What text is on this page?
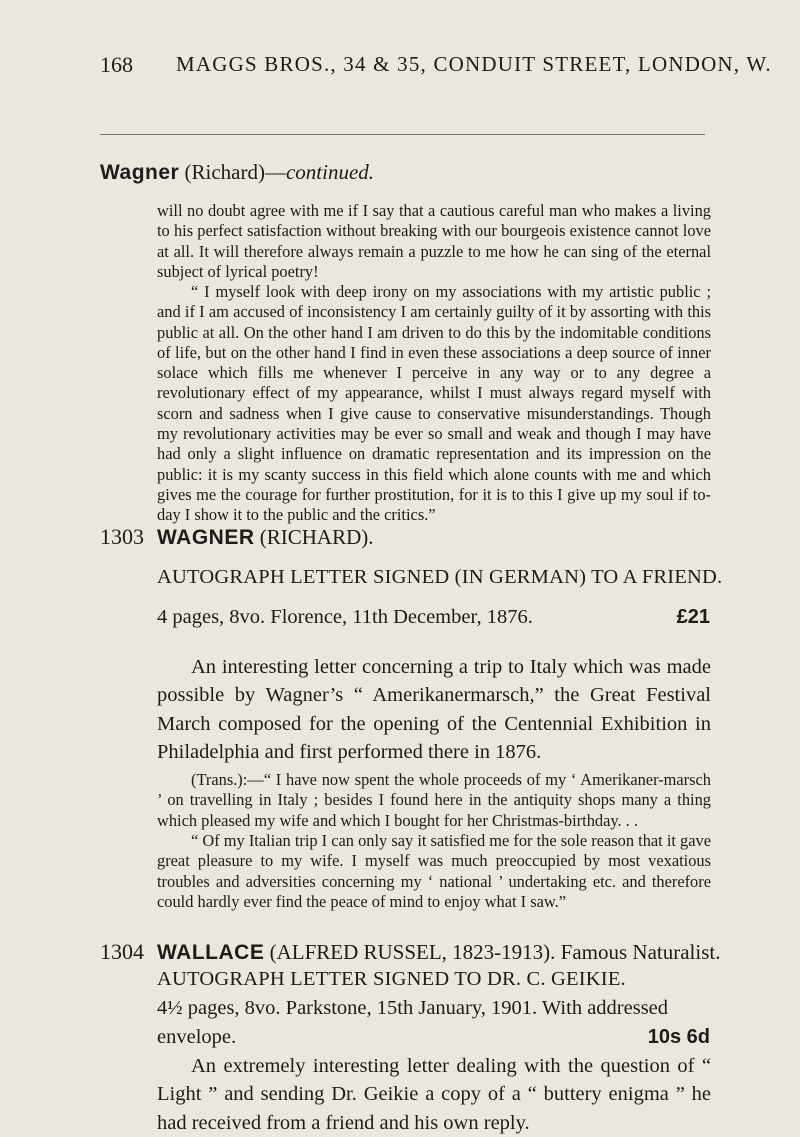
168 MAGGS BROS., 34 & 35, CONDUIT STREET, LONDON, W.
Wagner (Richard)—continued.

will no doubt agree with me if I say that a cautious careful man who makes a living to his perfect satisfaction without breaking with our bourgeois existence cannot love at all. It will therefore always remain a puzzle to me how he can sing of the eternal subject of lyrical poetry!

“ I myself look with deep irony on my associations with my artistic public ; and if I am accused of inconsistency I am certainly guilty of it by assorting with this public at all. On the other hand I am driven to do this by the indomitable conditions of life, but on the other hand I find in even these associations a deep source of inner solace which fills me whenever I perceive in any way or to any degree a revolutionary effect of my appearance, whilst I must always regard myself with scorn and sadness when I give cause to conservative misunderstandings. Though my revolutionary activities may be ever so small and weak and though I may have had only a slight influence on dramatic representation and its impression on the public: it is my scanty success in this field which alone counts with me and which gives me the courage for further prostitution, for it is to this I give up my soul if to-day I show it to the public and the critics.”

1303 WAGNER (RICHARD).
AUTOGRAPH LETTER SIGNED (IN GERMAN) TO A FRIEND.
4 pages, 8vo. Florence, 11th December, 1876.	£21

An interesting letter concerning a trip to Italy which was made possible by Wagner’s “ Amerikanermarsch,” the Great Festival March composed for the opening of the Centennial Exhibition in Philadelphia and first performed there in 1876.

(Trans.):—“ I have now spent the whole proceeds of my ‘ Amerikaner-marsch ’ on travelling in Italy ; besides I found here in the antiquity shops many a thing which pleased my wife and which I bought for her Christmas-birthday. . .

“ Of my Italian trip I can only say it satisfied me for the sole reason that it gave great pleasure to my wife. I myself was much preoccupied by most vexatious troubles and adversities concerning my ‘ national ’ undertaking etc. and therefore could hardly ever find the peace of mind to enjoy what I saw.”

1304 WALLACE (ALFRED RUSSEL, 1823-1913). Famous Naturalist.
AUTOGRAPH LETTER SIGNED TO DR. C. GEIKIE.
4½ pages, 8vo. Parkstone, 15th January, 1901. With addressed
envelope.	10s 6d

An extremely interesting letter dealing with the question of “ Light ” and sending Dr. Geikie a copy of a “ buttery enigma ” he had received from a friend and his own reply.
